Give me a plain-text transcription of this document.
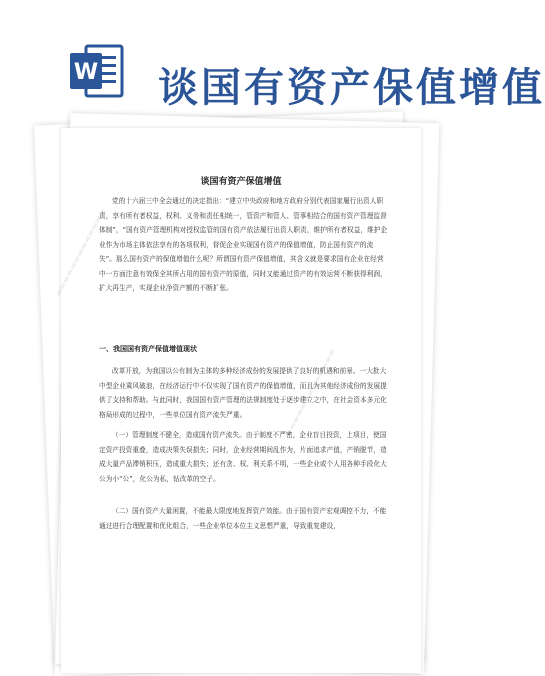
W 谈国有资产保值增值
▬▬▬▬▬▬▬▬▬▬▬▬▬
▬▬▬▬▬▬▬▬▬▬▬▬▬
谈国有资产保值增值
党的十六届三中全会通过的决定指出：“建立中央政府和地方政府分别代表国家履行出资人职责，享有所有者权益，权利、义务和责任相统一，管资产和管人、管事相结合的国有资产管理监督体制”，“国有资产管理机构对授权监管的国有资产依法履行出资人职责，维护所有者权益，维护企业作为市场主体依法享有的各项权利，督促企业实现国有资产的保值增值，防止国有资产的流失”。那么国有资产的保值增值什么呢？所谓国有资产保值增值，其含义就是要求国有企业在经营中一方面注意有效保全其所占用的国有资产的原值，同时又能通过资产的有效运营不断获得利润，扩大再生产，实现企业净资产额的不断扩张。
一、我国国有资产保值增值现状
改革开放，为我国以公有制为主体的多种经济成份的发展提供了良好的机遇和前景。一大批大中型企业乘风破浪，在经济运行中不仅实现了国有资产的保值增值，而且为其他经济成份的发展提供了支持和帮助。与此同时，我国国有资产管理的法规制度处于逐步建立之中，在社会资本多元化格局形成的过程中，一些单位国有资产流失严重。
（一）管理制度不健全，造成国有资产流失。由于制度不严密，企业盲目投资，上项目，使国定资产投资重叠，造成决策失误损失；同时，企业经营期间乱作为，片面追求产值，产销脱节，造成大量产品滞销积压，造成重大损失；还有贪、权、利关系不明，一些企业或个人用各种手段化大公为小“公”，化公为私，钻改革的空子。
（二）国有资产大量闲置，不能最大限度地发挥资产效能。由于国有资产宏观调控不力，不能通过进行合理配置和优化组合，一些企业单位本位主义思想严重，导致重复建设，
